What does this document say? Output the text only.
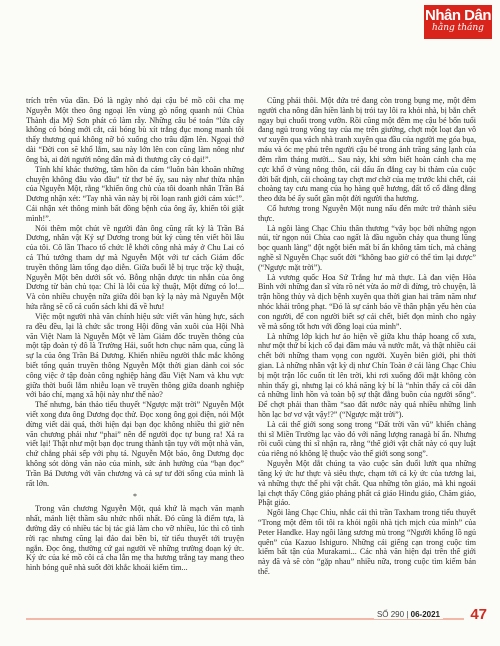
Nhân Dân
hằng tháng

trích trên vũa dần. Đó là ngày nhỏ dại cậu bé mồ côi cha mẹ Nguyễn Một theo ông ngoại lên vùng gò nổng quanh núi Chùa Thành địa Mỹ Sơn phát cỏ làm rẫy. Những câu bé toán “lửa cây không có bóng mới cắt, cái bóng bù xít trắng đục mong manh tôi thấy thương quá không nỡ bỏ xuống cho trâu dậm lên. Ngoại thở dài “Đời con sẽ khổ lắm, sau này lớn lên con cũng làm nông như ông bà, ai đời người nông dân mà đi thương cây cỏ dại!”.

Tính khí khác thường, tâm hồn đa cảm “luôn bàn khoăn những chuyện không đâu vào đâu” từ thơ bé ấy, sau này như thừa nhận của Nguyễn Một, rằng “khiến ông chủ của tôi doanh nhân Trần Bá Dương nhận xét: “Tay nhà văn này bị rồi loạn ranh giới cảm xúc!”. Cái nhận xét thông minh bất đồng bệnh của ông ấy, khiến tôi giật mình!”.

Nói thêm một chút về người đàn ông cũng rất kỳ là Trần Bá Dương, nhân vật Ký sự Dương trong bút ký cùng tên viết hồi lâu của tôi. Cô lần Thaco tổ chức lễ khởi công nhà máy ở Chu Lai có cả Thủ tướng tham dự mà Nguyễn Một với tư cách Giám đốc truyền thông làm tổng đạo diễn. Giữa buổi lễ bị trục trặc kỹ thuật, Nguyễn Một bên dưới sốt vó. Bỗng nhận được tin nhắn của ông Dương từ bàn chủ tọa: Chỉ là lỗi của kỹ thuật, Một đừng có lo!... Và còn nhiều chuyện nữa giữa đôi bạn kỳ lạ này mà Nguyễn Một hứa rằng sẽ cố cả cuốn sách khi đã về hưu!

Việc một người nhà văn chính hiệu sức viết văn hùng hực, sách ra đều đều, lại là chức sắc trong Hội đồng văn xuôi của Hội Nhà văn Việt Nam là Nguyễn Một về làm Giám đốc truyền thông của một tập đoàn tỷ đô là Trường Hải, suốt hơn chục năm qua, cũng là sự la của ông Trần Bá Dương. Khiến nhiều người thắc mắc không biết tổng quản truyền thông Nguyễn Một thời gian dành coi sóc công việc ở tập đoàn công nghiệp hàng đầu Việt Nam và khu vực giữa thời buổi lắm nhiễu loạn về truyền thông giữa doanh nghiệp với báo chí, mạng xã hội này như thế nào?

Thế nhưng, bản thảo tiểu thuyết “Ngược mặt trời” Nguyễn Một viết xong đưa ông Dương đọc thử. Đọc xong ông gọi điện, nói Một đừng viết dài quá, thời hiện đại bạn đọc không nhiều thì giờ nên văn chương phải như “phai” nên để người đọc tự bung ra! Xả ra viết lại! Thật như một bạn đọc trung thành tận tụy với một nhà văn, chứ chẳng phải sếp với phụ tá. Nguyễn Một bảo, ông Dương đọc không sót dòng văn nào của mình, sức ảnh hưởng của “bạn đọc” Trần Bá Dương với văn chương và cả sự tư đời sống của mình là rất lớn.

*

Trong văn chương Nguyễn Một, quá khứ là mạch văn mạnh nhất, mảnh liệt thầm sâu nhức nhối nhất. Đó cũng là điểm tựa, là đường dây có nhiều tác bị tác giả làm cho vỡ nhiều, lúc thì cô tình rời rạc nhưng cũng lại đảo dai bền bỉ, từ tiểu thuyết tới truyện ngắn. Đọc ông, thường cứ gai người về những trường đoạn ký ức. Ký ức của kẻ mồ côi cả cha lẫn mẹ tha hương trắng tay mang theo hình bóng quê nhà suốt đời khắc khoải kiếm tìm...

Cũng phải thôi. Một đứa trẻ đang còn trong bụng mẹ, một đêm người cha nông dân hiền lành bị trói tay lôi ra khỏi nhà, bị bắn chết ngay bụi chuối trong vườn. Rồi cũng một đêm mẹ cậu bé bốn tuổi đang ngủ trong võng tay của mẹ trên giường, chợt một loạt đạn vô vư xuyên qua vách nhà tranh xuyên qua đầu của người mẹ góa bụa, máu và óc mẹ phủ trên người cậu bé trong ánh trăng sáng lạnh của đêm rằm tháng mười... Sau này, khi sớm biết hoàn cảnh cha mẹ cực khổ ở vùng nông thôn, cái dấu ấn đắng cay bi thảm của cuộc đời bất định, cái choàng tay chợt mơ chờ của mẹ trước khi chết, cái choàng tay cưu mang của họ hàng quê hương, đất tổ cổ đằng đằng theo đứa bé ấy suốt gần một đời người tha hương.

Cố hương trong Nguyễn Một nung nấu đến mức trở thành siêu thực.

Là ngôi làng Chạc Chìu thân thương “vây bọc bởi những ngọn núi, từ ngọn núi Chùa cao ngất là đầu nguồn chảy qua thung lũng bọc quanh làng” đột ngột biến mất bí ẩn không tăm tích, mà chàng nghề sĩ Nguyễn Chạc suốt đời “không bao giờ có thể tìm lại được” (“Ngược mặt trời”).

Là vương quốc Hoa Sứ Trắng hư mà thực. Là đan viện Hòa Bình với những đan sĩ vừa rõ nét vừa ảo mờ di đừng, trò chuyện, là trận hồng thủy và dịch bệnh xuyên qua thời gian hai trăm năm như nhóc khải trông phạt. “Đó là sự cảnh báo về thân phận yếu hèn của con người, để con người biết sợ cái chết, biết đọn mình cho ngày về mà sống tốt hơn với đồng loại của mình”.

Là những lớp kịch hư ảo hiện về giữa khu tháp hoang cổ xưa, như một thứ bí kịch cổ đại đầm máu và nước mắt, và thật nhiều cái chết bởi những tham vọng con người. Xuyên biên giới, phi thời gian. Là những nhân vật kỳ dị như Chín Toàn ở cái làng Chạc Chìu bị một trận lốc cuốn tít lên trời, khi rơi xuống đối mặt không còn nhìn thấy gì, nhưng lại có khả năng kỳ bí là “nhìn thấy cả cõi dân cả những linh hồn và toàn bộ sự thật đằng buồn của người sống”. Để chợt phải than thầm “sao đất nước này quá nhiều những linh hồn lạc bơ vơ vật vậy!?” (“Ngược mặt trời”).

Là cái thế giới song song trong “Đất trời vần vũ” khiến chàng thi sĩ Miền Trường lạc vào đó với năng lượng ranagà bí ẩn. Nhưng rồi cuối cùng thì sĩ nhận ra, rằng “thế giới vật chất này có quy luật của riêng nó không lệ thuộc vào thế giới song song”.

Nguyễn Một dắt chúng ta vào cuộc săn đuổi lướt qua những tầng ký ức hư thực và siêu thực, chạm tới cả kỳ ức của tương lai, và những thực thể phi vật chất. Qua những tôn giáo, mà khi ngoái lại chợt thấy Công giáo phảng phất cả giáo Hindu giáo, Chăm giáo, Phật giáo.

Ngôi làng Chạc Chìu, nhắc cái thì trần Taxham trong tiểu thuyết “Trong một đêm tối tôi ra khỏi ngôi nhà tịch mịch của mình” của Peter Handke. Hay ngôi làng sương mù trong “Người khổng lồ ngủ quên” của Kazuo Ishiguro. Những cái giếng cạn trong cuộc tìm kiếm bất tận của Murakami... Các nhà văn hiện đại trên thế giới này đã và sẽ còn “gặp nhau” nhiều nữa, trong cuộc tìm kiếm bản thể.

SỐ 290 | 06-2021 47
